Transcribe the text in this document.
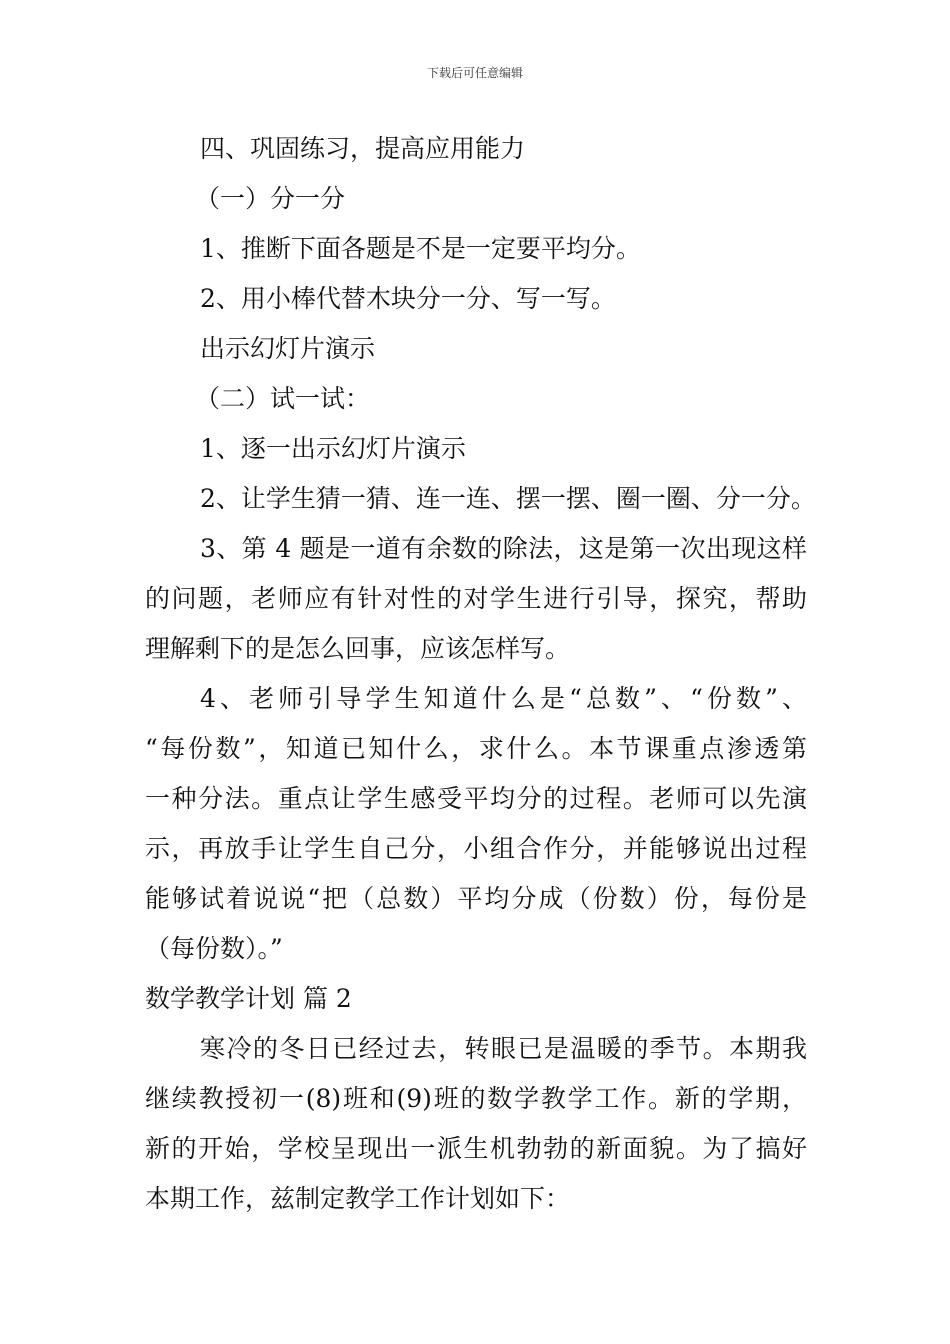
下载后可任意编辑
四、巩固练习，提高应用能力
（一）分一分
1、推断下面各题是不是一定要平均分。
2、用小棒代替木块分一分、写一写。
出示幻灯片演示
（二）试一试：
1、逐一出示幻灯片演示
2、让学生猜一猜、连一连、摆一摆、圈一圈、分一分。
3、第 4 题是一道有余数的除法，这是第一次出现这样
的问题，老师应有针对性的对学生进行引导，探究，帮助
理解剩下的是怎么回事，应该怎样写。
4、老师引导学生知道什么是“总数”、“份数”、
“每份数”，知道已知什么，求什么。本节课重点渗透第
一种分法。重点让学生感受平均分的过程。老师可以先演
示，再放手让学生自己分，小组合作分，并能够说出过程
能够试着说说“把（总数）平均分成（份数）份，每份是
（每份数）。”
数学教学计划 篇 2
寒冷的冬日已经过去，转眼已是温暖的季节。本期我
继续教授初一(8)班和(9)班的数学教学工作。新的学期，
新的开始，学校呈现出一派生机勃勃的新面貌。为了搞好
本期工作，兹制定教学工作计划如下：
